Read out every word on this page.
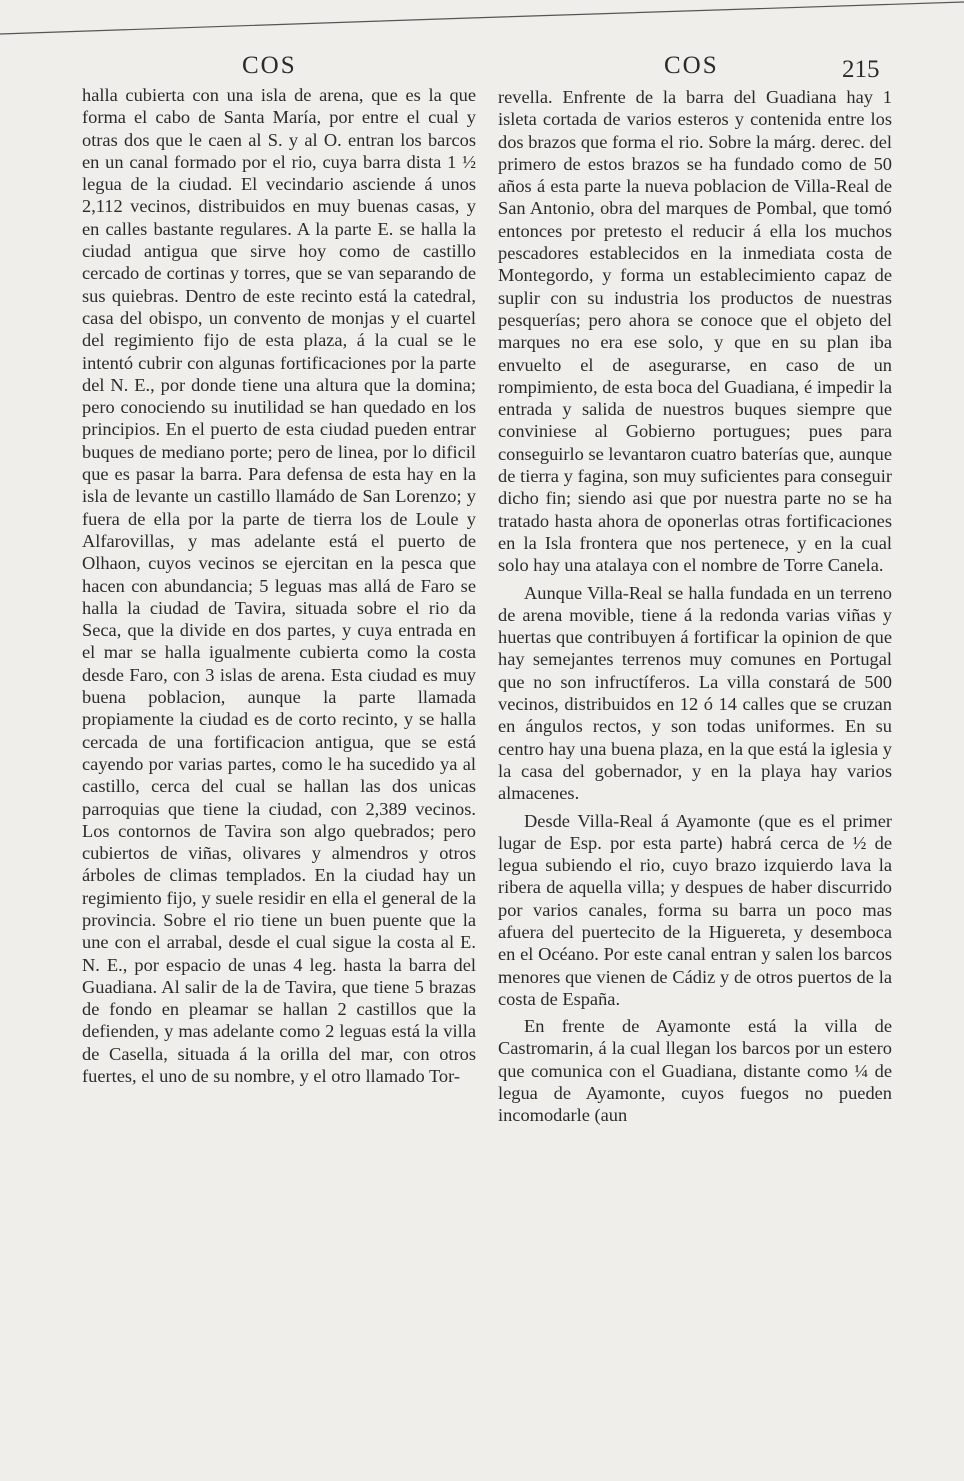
COS	COS	215

halla cubierta con una isla de arena, que es la que forma el cabo de Santa María, por entre el cual y otras dos que le caen al S. y al O. entran los barcos en un canal formado por el rio, cuya barra dista 1 ½ legua de la ciudad. El vecindario asciende á unos 2,112 vecinos, distribuidos en muy buenas casas, y en calles bastante regulares. A la parte E. se halla la ciudad antigua que sirve hoy como de castillo cercado de cortinas y torres, que se van separando de sus quiebras. Dentro de este recinto está la catedral, casa del obispo, un convento de monjas y el cuartel del regimiento fijo de esta plaza, á la cual se le intentó cubrir con algunas fortificaciones por la parte del N. E., por donde tiene una altura que la domina; pero conociendo su inutilidad se han quedado en los principios. En el puerto de esta ciudad pueden entrar buques de mediano porte; pero de linea, por lo dificil que es pasar la barra. Para defensa de esta hay en la isla de levante un castillo llamádo de San Lorenzo; y fuera de ella por la parte de tierra los de Loule y Alfarovillas, y mas adelante está el puerto de Olhaon, cuyos vecinos se ejercitan en la pesca que hacen con abundancia; 5 leguas mas allá de Faro se halla la ciudad de Tavira, situada sobre el rio da Seca, que la divide en dos partes, y cuya entrada en el mar se halla igualmente cubierta como la costa desde Faro, con 3 islas de arena. Esta ciudad es muy buena poblacion, aunque la parte llamada propiamente la ciudad es de corto recinto, y se halla cercada de una fortificacion antigua, que se está cayendo por varias partes, como le ha sucedido ya al castillo, cerca del cual se hallan las dos unicas parroquias que tiene la ciudad, con 2,389 vecinos. Los contornos de Tavira son algo quebrados; pero cubiertos de viñas, olivares y almendros y otros árboles de climas templados. En la ciudad hay un regimiento fijo, y suele residir en ella el general de la provincia. Sobre el rio tiene un buen puente que la une con el arrabal, desde el cual sigue la costa al E. N. E., por espacio de unas 4 leg. hasta la barra del Guadiana. Al salir de la de Tavira, que tiene 5 brazas de fondo en pleamar se hallan 2 castillos que la defienden, y mas adelante como 2 leguas está la villa de Casella, situada á la orilla del mar, con otros fuertes, el uno de su nombre, y el otro llamado Tor-

revella. Enfrente de la barra del Guadiana hay 1 isleta cortada de varios esteros y contenida entre los dos brazos que forma el rio. Sobre la márg. derec. del primero de estos brazos se ha fundado como de 50 años á esta parte la nueva poblacion de Villa-Real de San Antonio, obra del marques de Pombal, que tomó entonces por pretesto el reducir á ella los muchos pescadores establecidos en la inmediata costa de Montegordo, y forma un establecimiento capaz de suplir con su industria los productos de nuestras pesquerías; pero ahora se conoce que el objeto del marques no era ese solo, y que en su plan iba envuelto el de asegurarse, en caso de un rompimiento, de esta boca del Guadiana, é impedir la entrada y salida de nuestros buques siempre que conviniese al Gobierno portugues; pues para conseguirlo se levantaron cuatro baterías que, aunque de tierra y fagina, son muy suficientes para conseguir dicho fin; siendo asi que por nuestra parte no se ha tratado hasta ahora de oponerlas otras fortificaciones en la Isla frontera que nos pertenece, y en la cual solo hay una atalaya con el nombre de Torre Canela.

Aunque Villa-Real se halla fundada en un terreno de arena movible, tiene á la redonda varias viñas y huertas que contribuyen á fortificar la opinion de que hay semejantes terrenos muy comunes en Portugal que no son infructíferos. La villa constará de 500 vecinos, distribuidos en 12 ó 14 calles que se cruzan en ángulos rectos, y son todas uniformes. En su centro hay una buena plaza, en la que está la iglesia y la casa del gobernador, y en la playa hay varios almacenes.

Desde Villa-Real á Ayamonte (que es el primer lugar de Esp. por esta parte) habrá cerca de ½ de legua subiendo el rio, cuyo brazo izquierdo lava la ribera de aquella villa; y despues de haber discurrido por varios canales, forma su barra un poco mas afuera del puertecito de la Higuereta, y desemboca en el Océano. Por este canal entran y salen los barcos menores que vienen de Cádiz y de otros puertos de la costa de España.

En frente de Ayamonte está la villa de Castromarin, á la cual llegan los barcos por un estero que comunica con el Guadiana, distante como ¼ de legua de Ayamonte, cuyos fuegos no pueden incomodarle (aun
